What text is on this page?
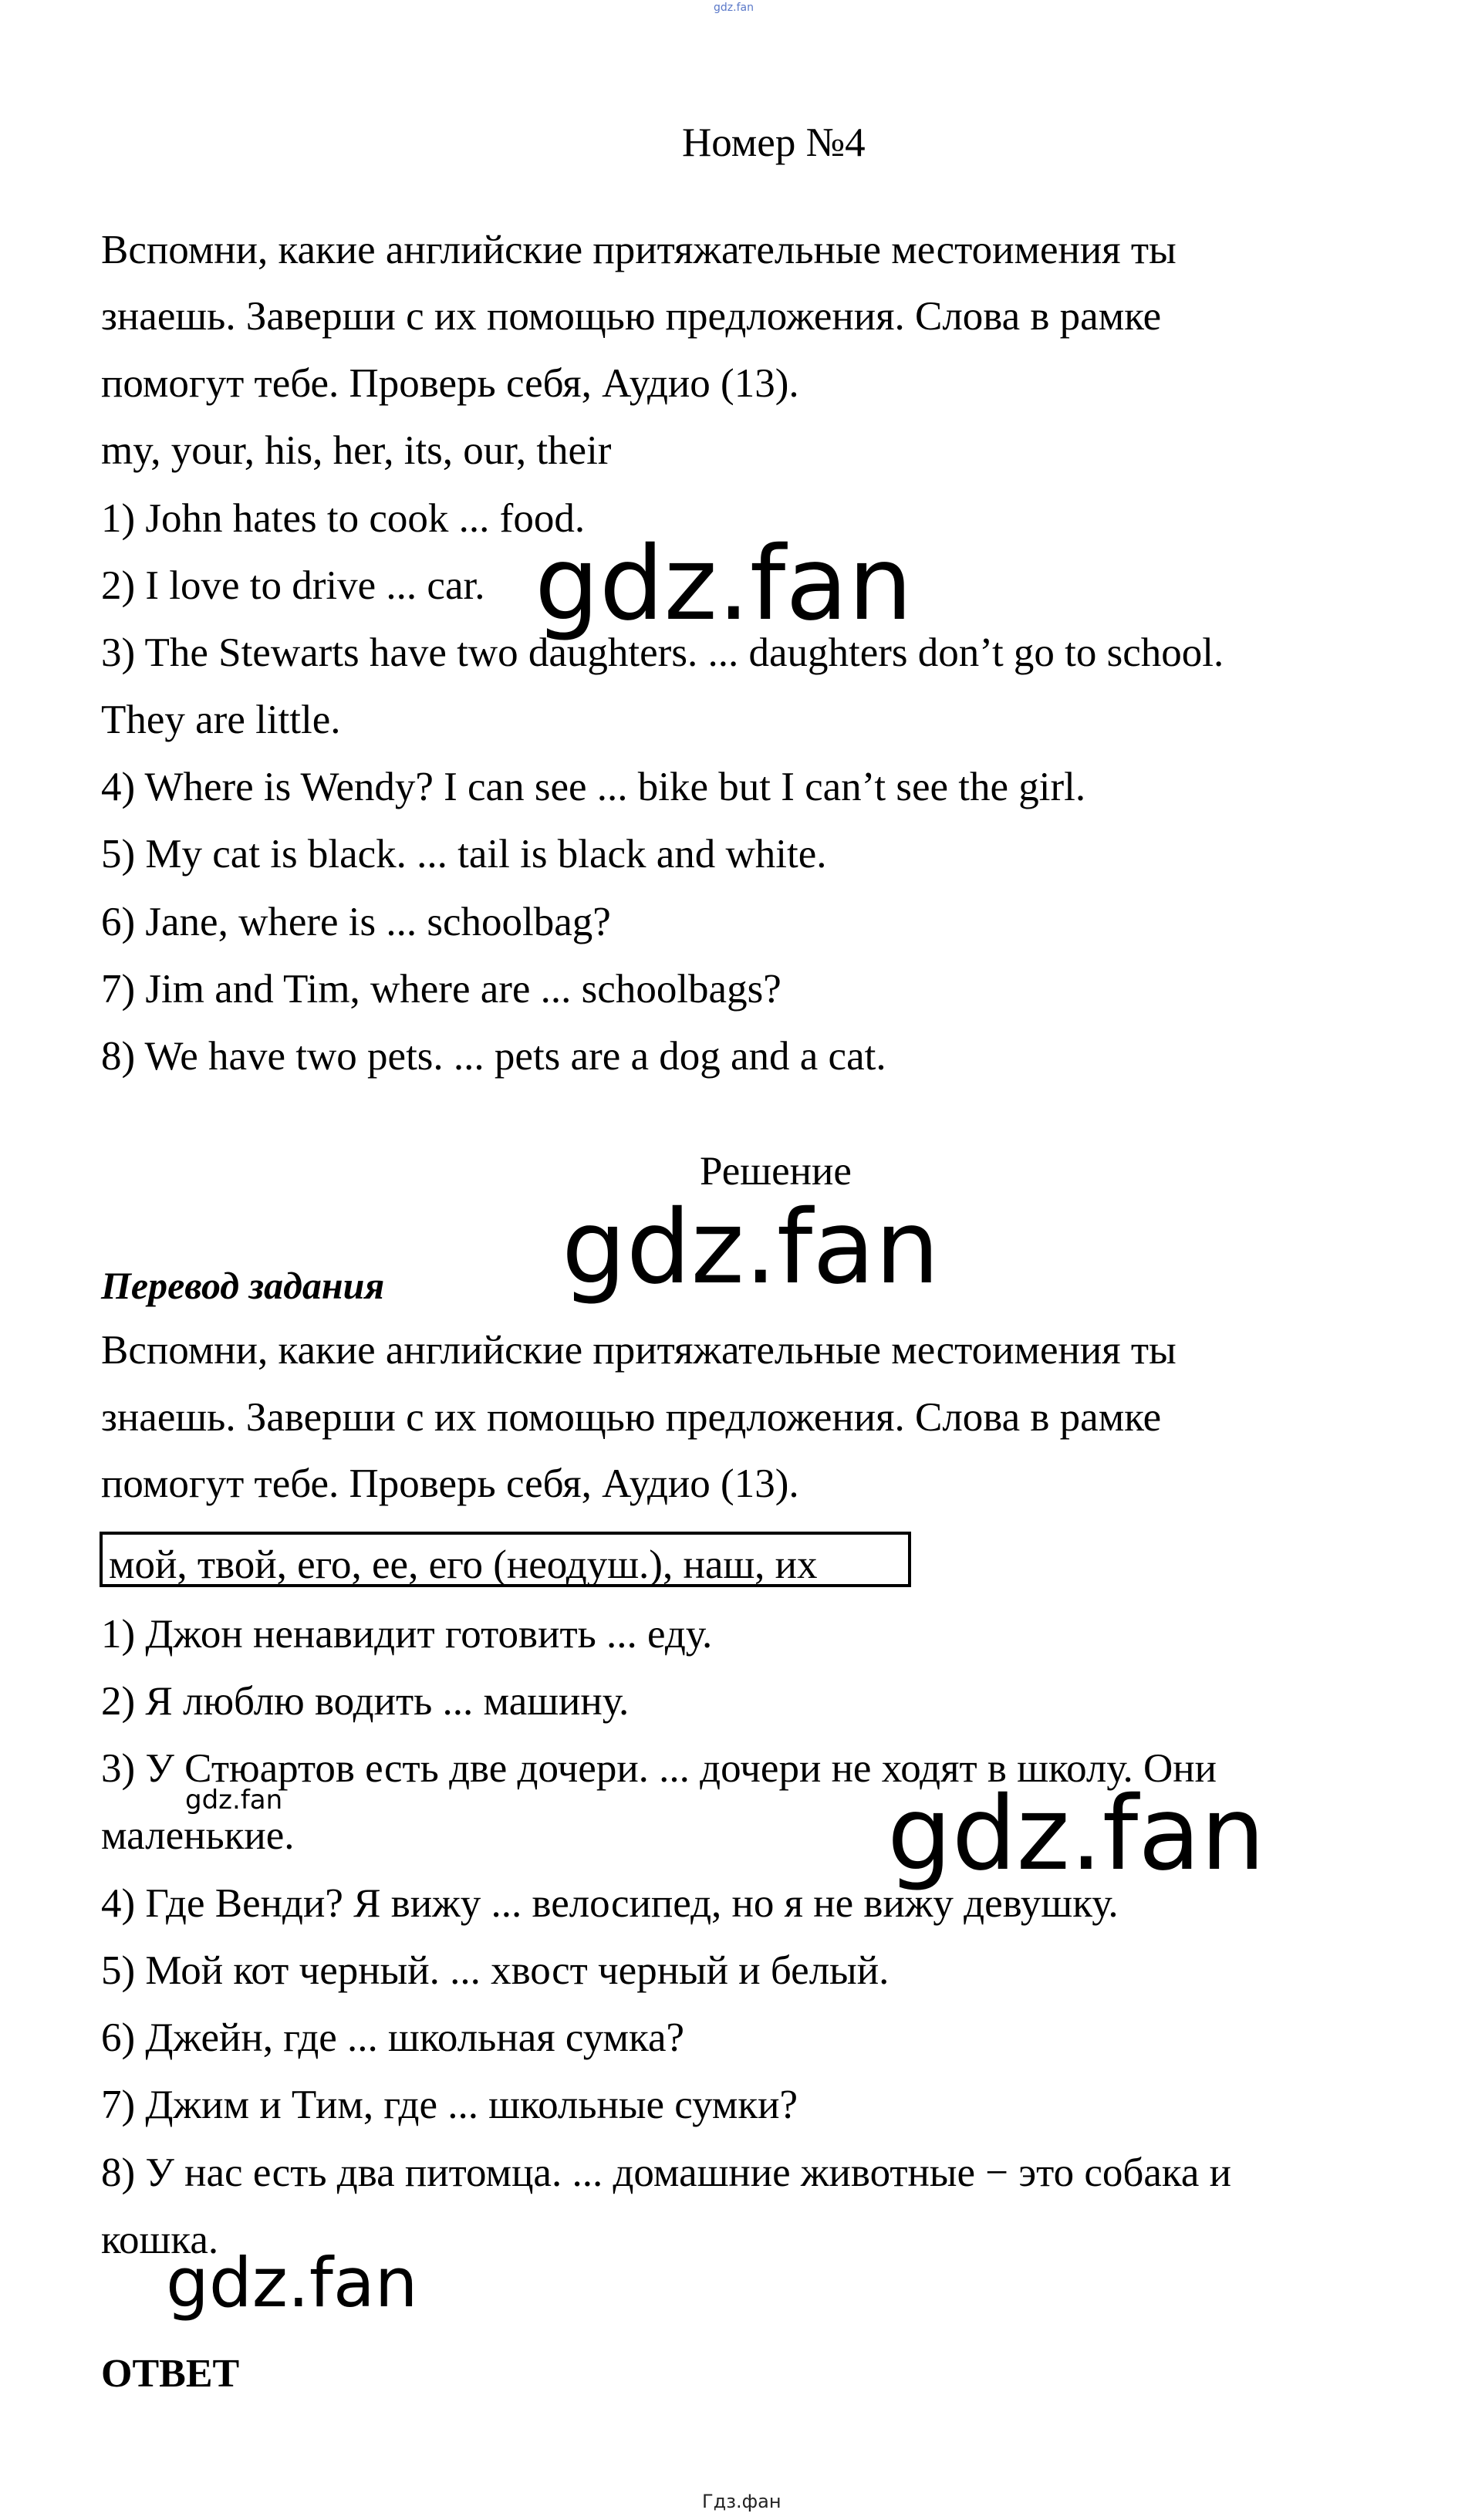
gdz.fan
Номер №4
Вспомни, какие английские притяжательные местоимения ты
знаешь. Заверши с их помощью предложения. Слова в рамке
помогут тебе. Проверь себя, Аудио (13).
my, your, his, her, its, our, their
1) John hates to cook ... food.
2) I love to drive ... car.
3) The Stewarts have two daughters. ... daughters don’t go to school.
They are little.
4) Where is Wendy? I can see ... bike but I can’t see the girl.
5) My cat is black. ... tail is black and white.
6) Jane, where is ... schoolbag?
7) Jim and Tim, where are ... schoolbags?
8) We have two pets. ... pets are a dog and a cat.
gdz.fan
Решение
gdz.fan
Перевод задания
Вспомни, какие английские притяжательные местоимения ты
знаешь. Заверши с их помощью предложения. Слова в рамке
помогут тебе. Проверь себя, Аудио (13).
мой, твой, его, ее, его (неодуш.), наш, их
1) Джон ненавидит готовить ... еду.
2) Я люблю водить ... машину.
3) У Стюартов есть две дочери. ... дочери не ходят в школу. Они
маленькие.
4) Где Венди? Я вижу ... велосипед, но я не вижу девушку.
5) Мой кот черный. ... хвост черный и белый.
6) Джейн, где ... школьная сумка?
7) Джим и Тим, где ... школьные сумки?
8) У нас есть два питомца. ... домашние животные − это собака и
кошка.
gdz.fan	gdz.fan
gdz.fan
ОТВЕТ
Гдз.фан
